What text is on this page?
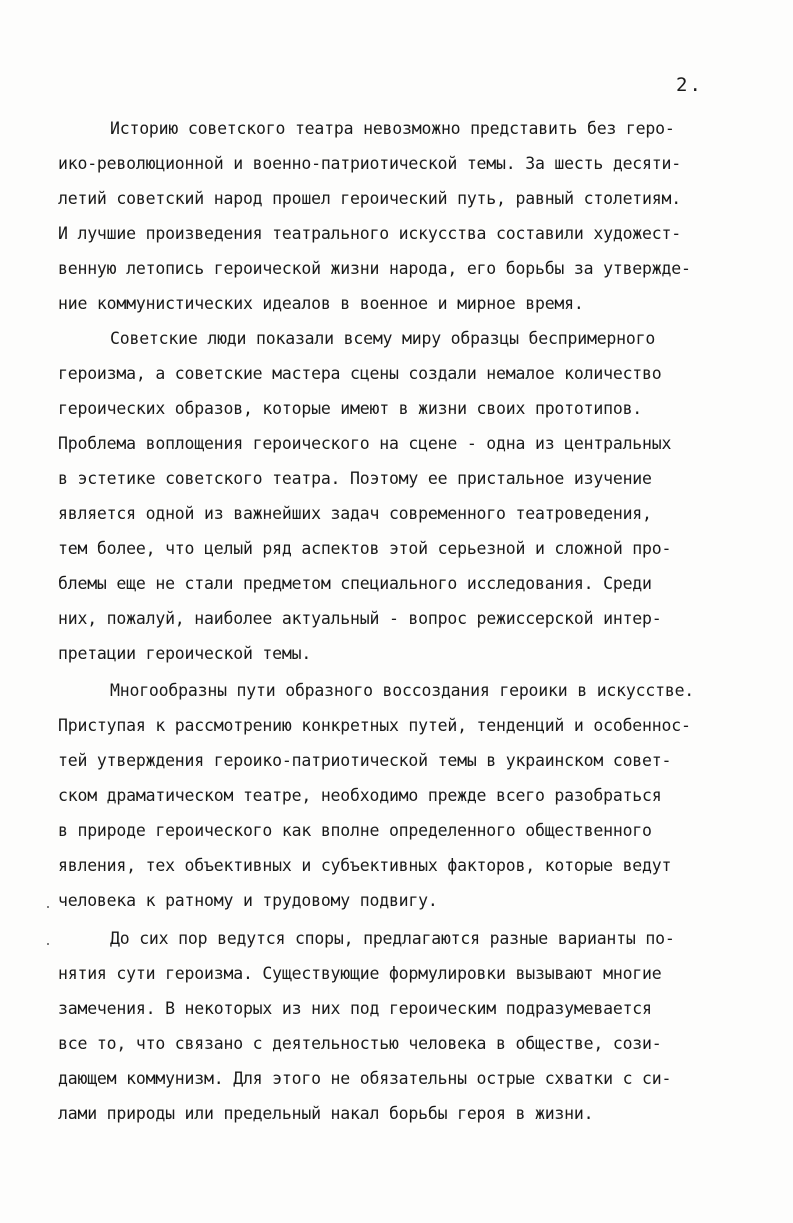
2.
Историю советского театра невозможно представить без геро-
ико-революционной и военно-патриотической темы. За шесть десяти-
летий советский народ прошел героический путь, равный столетиям.
И лучшие произведения театрального искусства составили художест-
венную летопись героической жизни народа, его борьбы за утвержде-
ние коммунистических идеалов в военное и мирное время.
Советские люди показали всему миру образцы беспримерного
героизма, а советские мастера сцены создали немалое количество
героических образов, которые имеют в жизни своих прототипов.
Проблема воплощения героического на сцене - одна из центральных
в эстетике советского театра. Поэтому ее пристальное изучение
является одной из важнейших задач современного театроведения,
тем более, что целый ряд аспектов этой серьезной и сложной про-
блемы еще не стали предметом специального исследования. Среди
них, пожалуй, наиболее актуальный - вопрос режиссерской интер-
претации героической темы.
Многообразны пути образного воссоздания героики в искусстве.
Приступая к рассмотрению конкретных путей, тенденций и особеннос-
тей утверждения героико-патриотической темы в украинском совет-
ском драматическом театре, необходимо прежде всего разобраться
в природе героического как вполне определенного общественного
явления, тех объективных и субъективных факторов, которые ведут
человека к ратному и трудовому подвигу.
До сих пор ведутся споры, предлагаются разные варианты по-
нятия сути героизма. Существующие формулировки вызывают многие
замечения. В некоторых из них под героическим подразумевается
все то, что связано с деятельностью человека в обществе, сози-
дающем коммунизм. Для этого не обязательны острые схватки с си-
лами природы или предельный накал борьбы героя в жизни.
